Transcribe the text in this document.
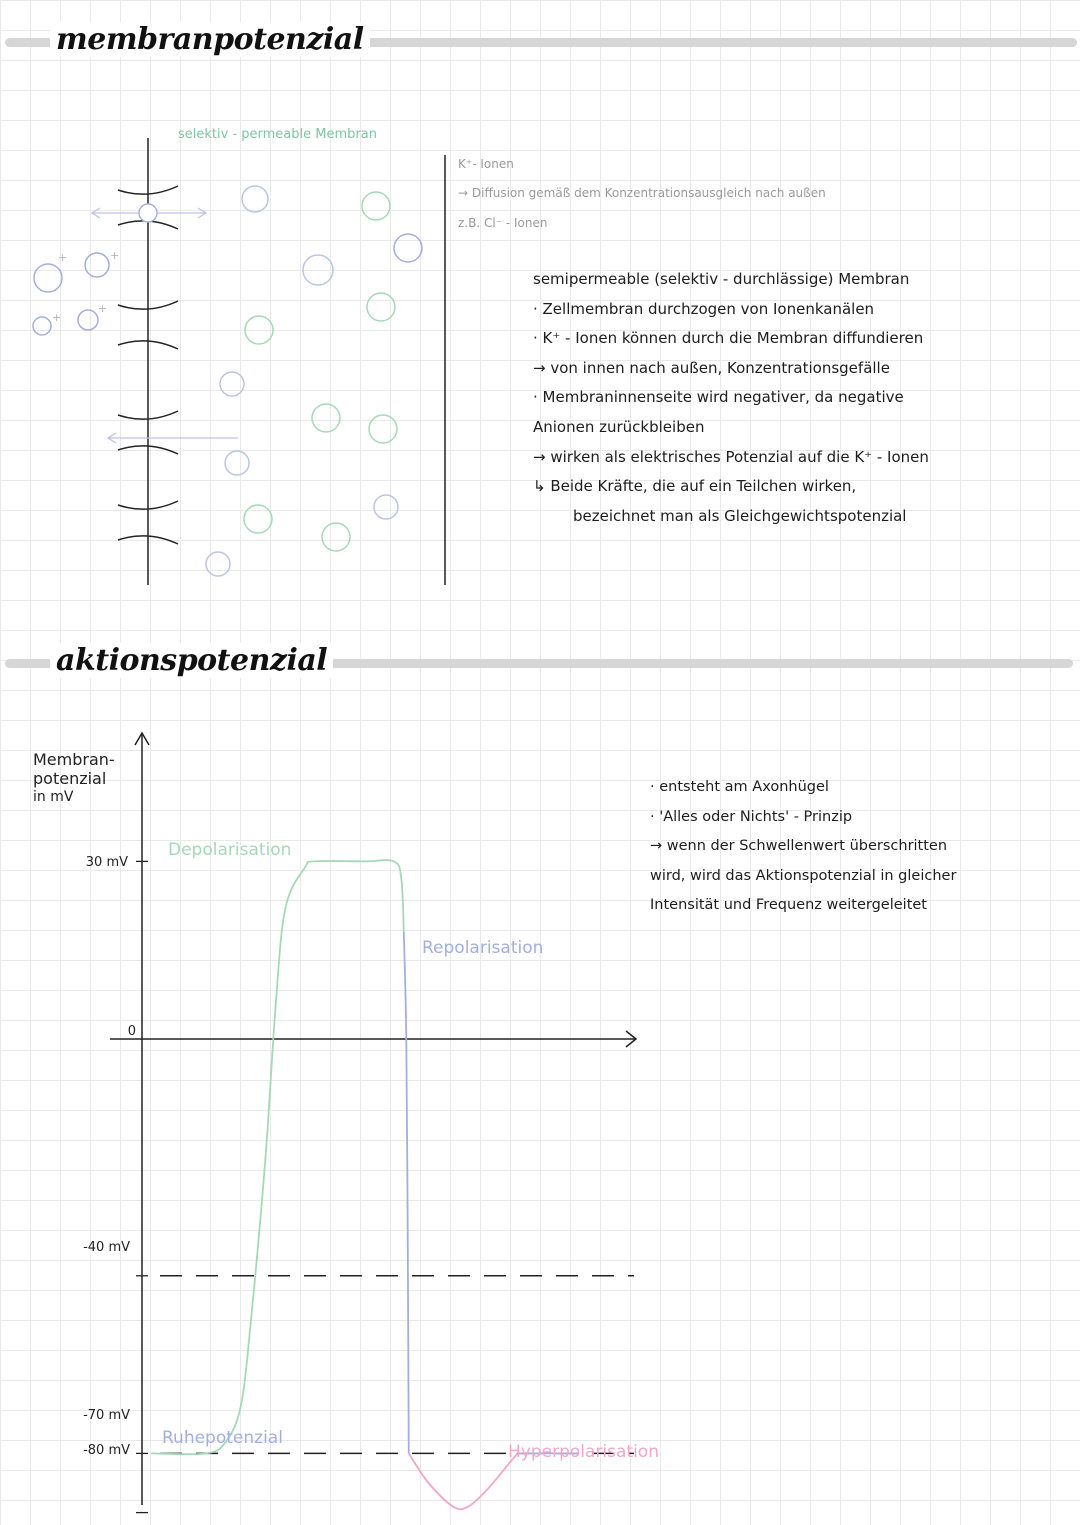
membranpotenzial
selektiv - permeable Membran
K⁺- Ionen
→ Diffusion gemäß dem Konzentrationsausgleich nach außen
z.B. Cl⁻ - Ionen
+	+
+
+
semipermeable (selektiv - durchlässige) Membran
· Zellmembran durchzogen von Ionenkanälen
· K⁺ - Ionen können durch die Membran diffundieren
→ von innen nach außen, Konzentrationsgefälle
· Membraninnenseite wird negativer, da negative
Anionen zurückbleiben
→ wirken als elektrisches Potenzial auf die K⁺ - Ionen
↳ Beide Kräfte, die auf ein Teilchen wirken,
bezeichnet man als Gleichgewichtspotenzial
aktionspotenzial
Membran-
potenzial
in mV
30 mV
0
-40 mV
-70 mV
-80 mV
Depolarisation
Repolarisation
Ruhepotenzial
Hyperpolarisation
· entsteht am Axonhügel
· 'Alles oder Nichts' - Prinzip
→ wenn der Schwellenwert überschritten
wird, wird das Aktionspotenzial in gleicher
Intensität und Frequenz weitergeleitet
